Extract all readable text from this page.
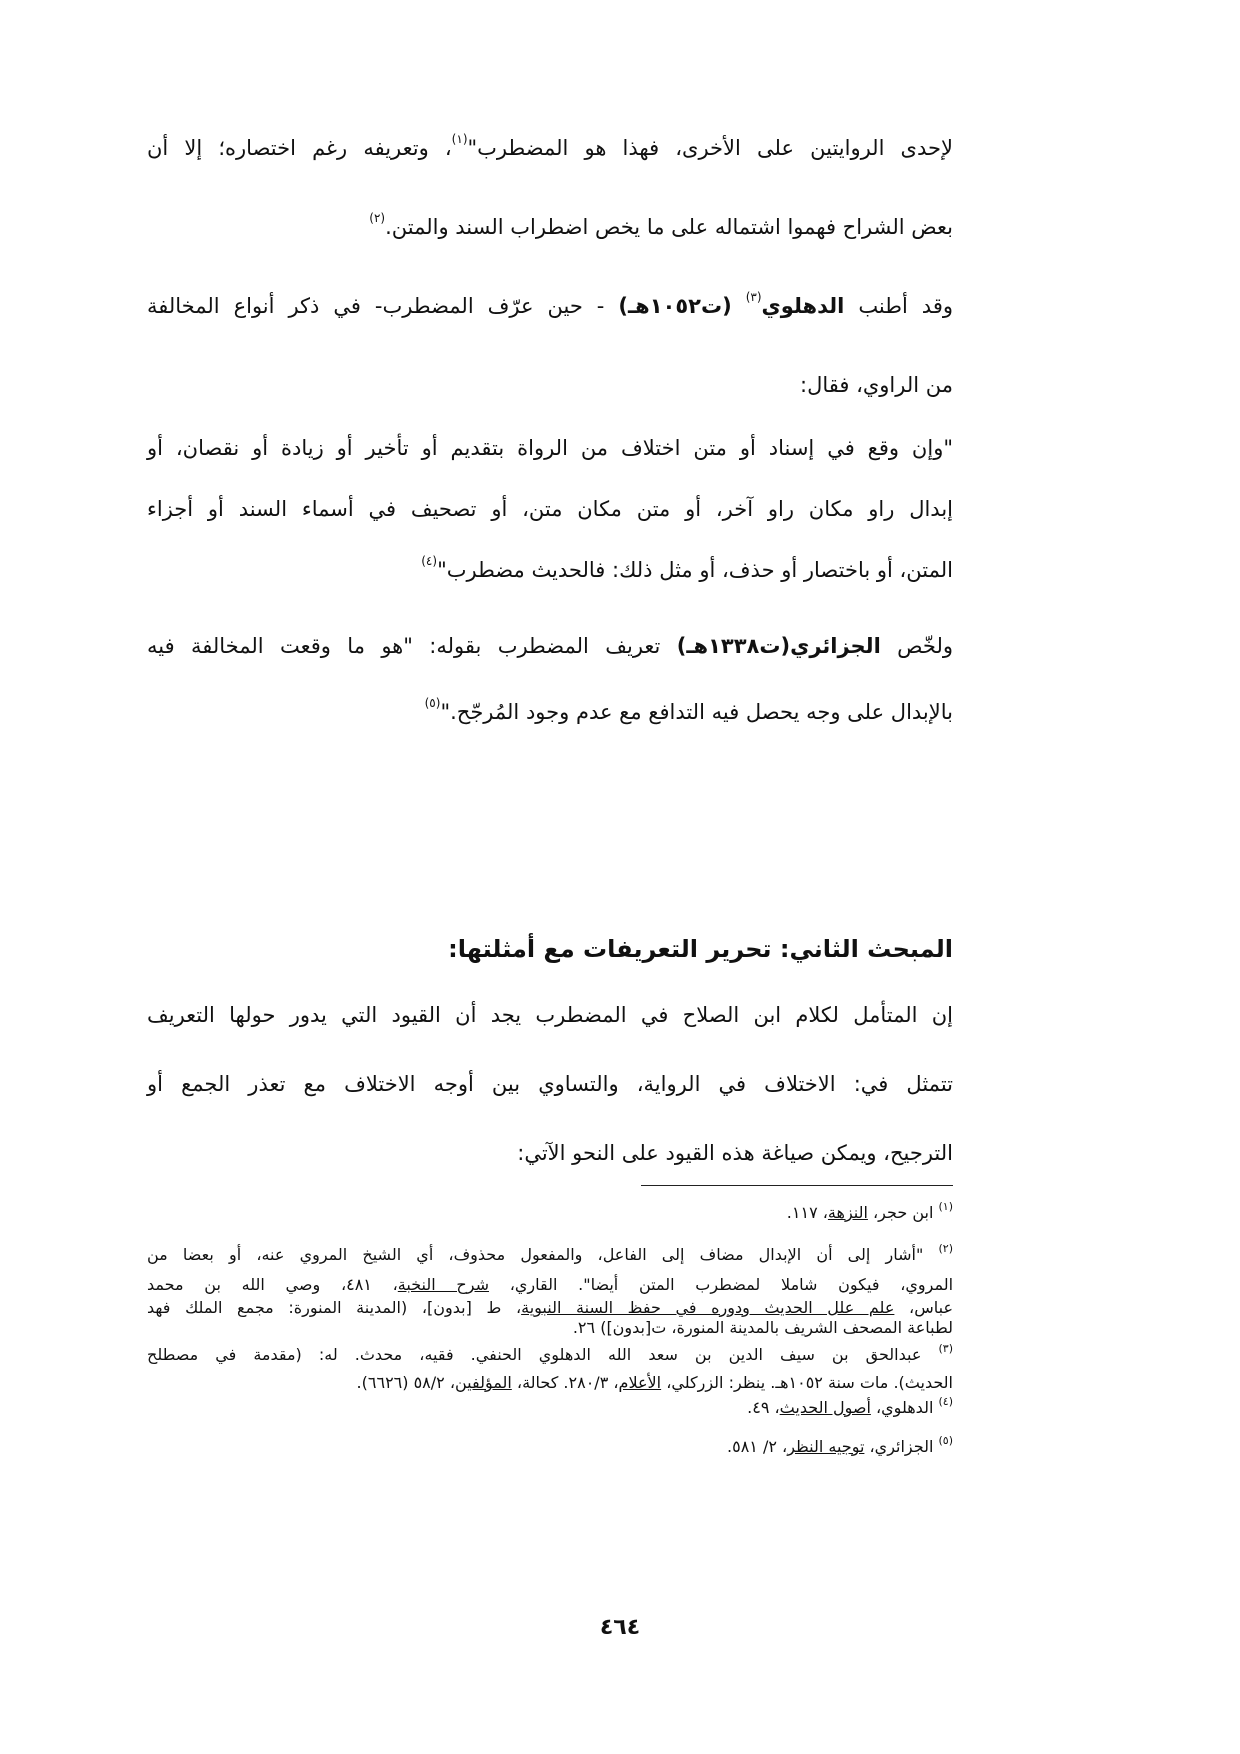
لإحدى الروايتين على الأخرى، فهذا هو المضطرب"$^{(١)}$، وتعريفه رغم اختصاره؛ إلا أن
بعض الشراح فهموا اشتماله على ما يخص اضطراب السند والمتن.$^{(٢)}$
وقد أطنب الدهلوي$^{(٣)}$ (ت١٠٥٢هـ) - حين عرّف المضطرب- في ذكر أنواع المخالفة
من الراوي، فقال:
"وإن وقع في إسناد أو متن اختلاف من الرواة بتقديم أو تأخير أو زيادة أو نقصان، أو
إبدال راو مكان راو آخر، أو متن مكان متن، أو تصحيف في أسماء السند أو أجزاء
المتن، أو باختصار أو حذف، أو مثل ذلك: فالحديث مضطرب"$^{(٤)}$
ولخّص الجزائري(ت١٣٣٨هـ) تعريف المضطرب بقوله: "هو ما وقعت المخالفة فيه
بالإبدال على وجه يحصل فيه التدافع مع عدم وجود المُرجّح."$^{(٥)}$
المبحث الثاني: تحرير التعريفات مع أمثلتها:
إن المتأمل لكلام ابن الصلاح في المضطرب يجد أن القيود التي يدور حولها التعريف
تتمثل في: الاختلاف في الرواية، والتساوي بين أوجه الاختلاف مع تعذر الجمع أو
الترجيح، ويمكن صياغة هذه القيود على النحو الآتي:
$^{(١)}$ ابن حجر، النزهة، ١١٧.
$^{(٢)}$ "أشار إلى أن الإبدال مضاف إلى الفاعل، والمفعول محذوف، أي الشيخ المروي عنه، أو بعضا من
المروي، فيكون شاملا لمضطرب المتن أيضا". القاري، شرح النخبة، ٤٨١، وصي الله بن محمد
عباس، علم علل الحديث ودوره في حفظ السنة النبوية، ط [بدون]، (المدينة المنورة: مجمع الملك فهد
لطباعة المصحف الشريف بالمدينة المنورة، ت[بدون]) ٢٦.
$^{(٣)}$ عبدالحق بن سيف الدين بن سعد الله الدهلوي الحنفي. فقيه، محدث. له: (مقدمة في مصطلح
الحديث). مات سنة ١٠٥٢هـ. ينظر: الزركلي، الأعلام، ٢٨٠/٣. كحالة، المؤلفين، ٥٨/٢ (٦٦٢٦).
$^{(٤)}$ الدهلوي، أصول الحديث، ٤٩.
$^{(٥)}$ الجزائري، توجيه النظر، ٢/ ٥٨١.
٤٦٤
